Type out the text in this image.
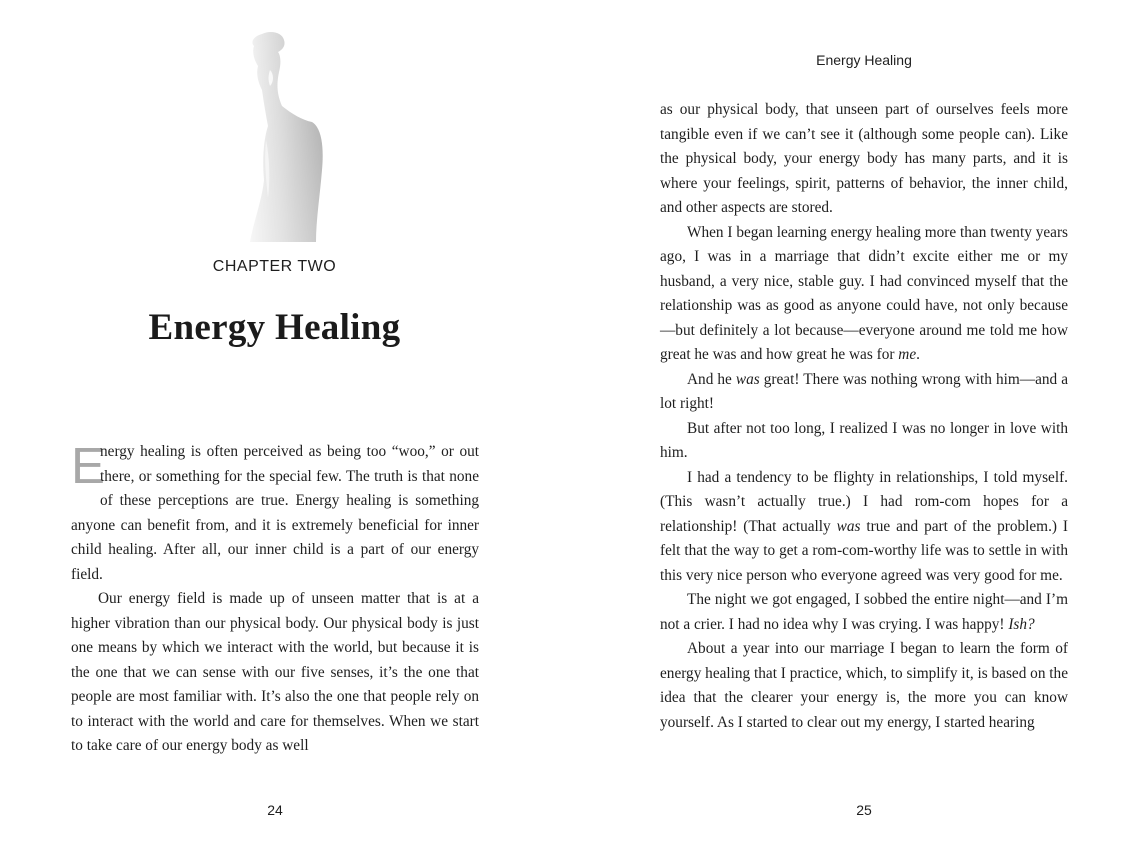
CHAPTER TWO
Energy Healing

E
nergy healing is often perceived as being too “woo,” or out there, or something for the special few. The truth is that none of these perceptions are true. Energy healing is something anyone can benefit from, and it is extremely beneficial for inner child healing. After all, our inner child is a part of our energy field.

Our energy field is made up of unseen matter that is at a higher vibration than our physical body. Our physical body is just one means by which we interact with the world, but because it is the one that we can sense with our five senses, it’s the one that people are most familiar with. It’s also the one that people rely on to interact with the world and care for themselves. When we start to take care of our energy body as well

24
Energy Healing

as our physical body, that unseen part of ourselves feels more tangible even if we can’t see it (although some people can). Like the physical body, your energy body has many parts, and it is where your feelings, spirit, patterns of behavior, the inner child, and other aspects are stored.

When I began learning energy healing more than twenty years ago, I was in a marriage that didn’t excite either me or my husband, a very nice, stable guy. I had convinced myself that the relationship was as good as anyone could have, not only because—but definitely a lot because—everyone around me told me how great he was and how great he was for me.

And he was great! There was nothing wrong with him—and a lot right!

But after not too long, I realized I was no longer in love with him.

I had a tendency to be flighty in relationships, I told myself. (This wasn’t actually true.) I had rom-com hopes for a relationship! (That actually was true and part of the problem.) I felt that the way to get a rom-com-worthy life was to settle in with this very nice person who everyone agreed was very good for me.

The night we got engaged, I sobbed the entire night—and I’m not a crier. I had no idea why I was crying. I was happy! Ish?

About a year into our marriage I began to learn the form of energy healing that I practice, which, to simplify it, is based on the idea that the clearer your energy is, the more you can know yourself. As I started to clear out my energy, I started hearing

25
